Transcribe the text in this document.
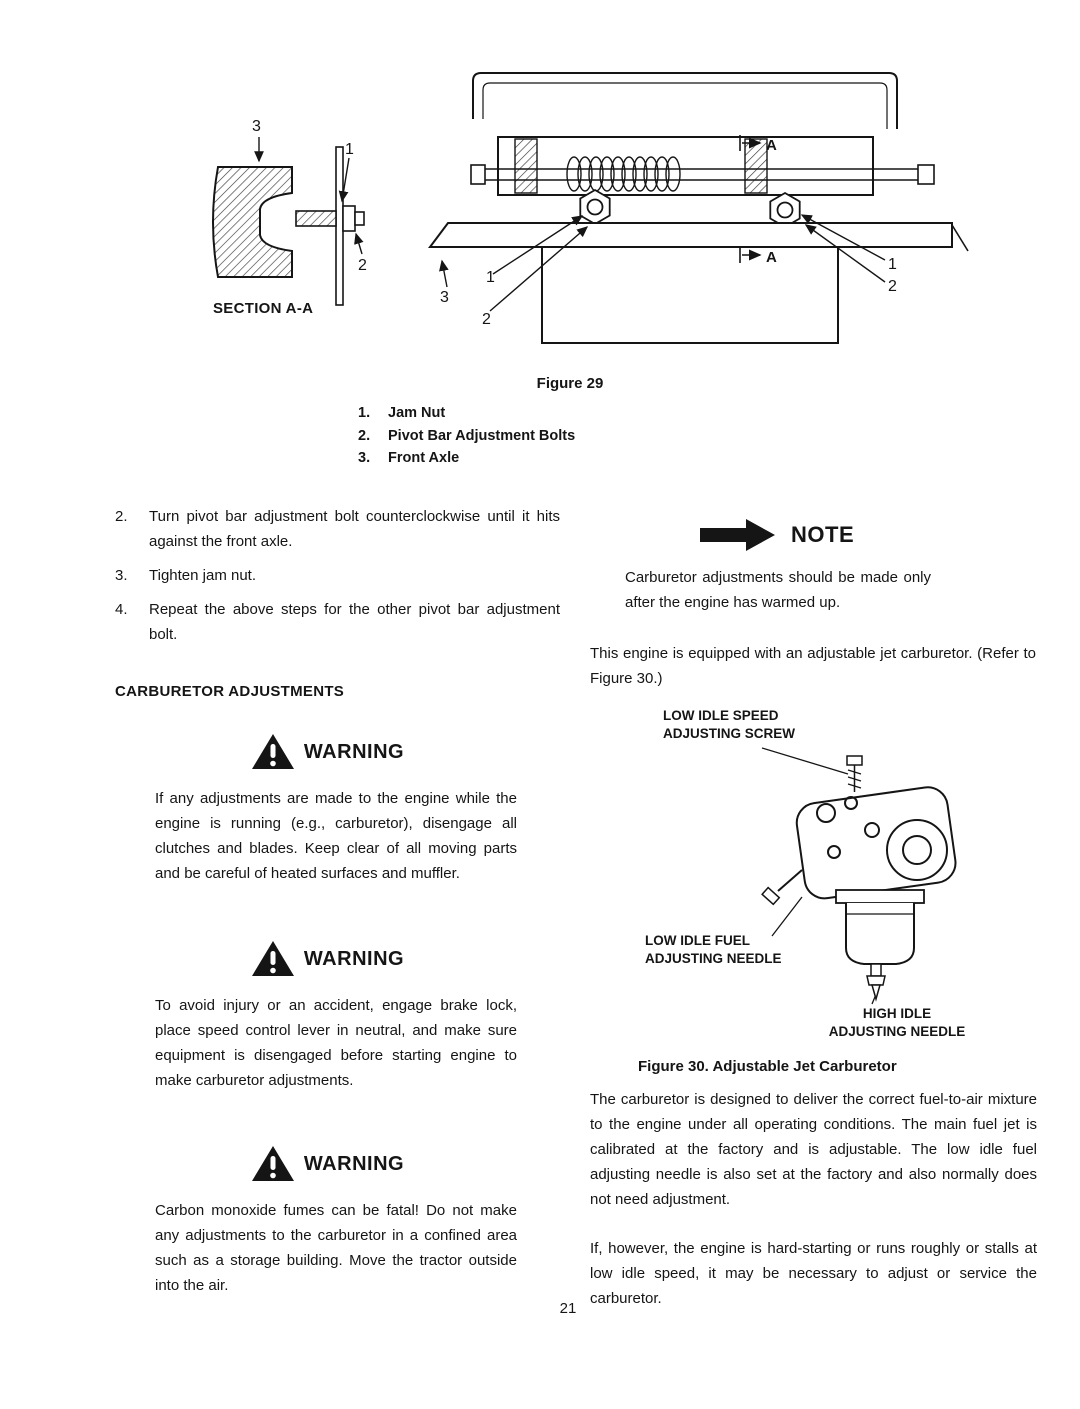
3
1
2
3
1
2
1
2
A
A
SECTION A-A
Figure 29
1. Jam Nut
2. Pivot Bar Adjustment Bolts
3. Front Axle
2.	Turn pivot bar adjustment bolt counterclockwise until it hits against the front axle.
3.	Tighten jam nut.
4.	Repeat the above steps for the other pivot bar adjustment bolt.
CARBURETOR ADJUSTMENTS
WARNING

If any adjustments are made to the engine while the engine is running (e.g., carburetor), disengage all clutches and blades. Keep clear of all moving parts and be careful of heated surfaces and muffler.

WARNING

To avoid injury or an accident, engage brake lock, place speed control lever in neutral, and make sure equipment is disengaged before starting engine to make carburetor adjustments.

WARNING

Carbon monoxide fumes can be fatal! Do not make any adjustments to the carburetor in a confined area such as a storage building. Move the tractor outside into the air.

NOTE

Carburetor adjustments should be made only after the engine has warmed up.

This engine is equipped with an adjustable jet carburetor. (Refer to Figure 30.)

LOW IDLE SPEED
ADJUSTING SCREW
LOW IDLE FUEL
ADJUSTING NEEDLE
HIGH IDLE
ADJUSTING NEEDLE
Figure 30. Adjustable Jet Carburetor

The carburetor is designed to deliver the correct fuel-to-air mixture to the engine under all operating conditions. The main fuel jet is calibrated at the factory and is adjustable. The low idle fuel adjusting needle is also set at the factory and also normally does not need adjustment.

If, however, the engine is hard-starting or runs roughly or stalls at low idle speed, it may be necessary to adjust or service the carburetor.

21
